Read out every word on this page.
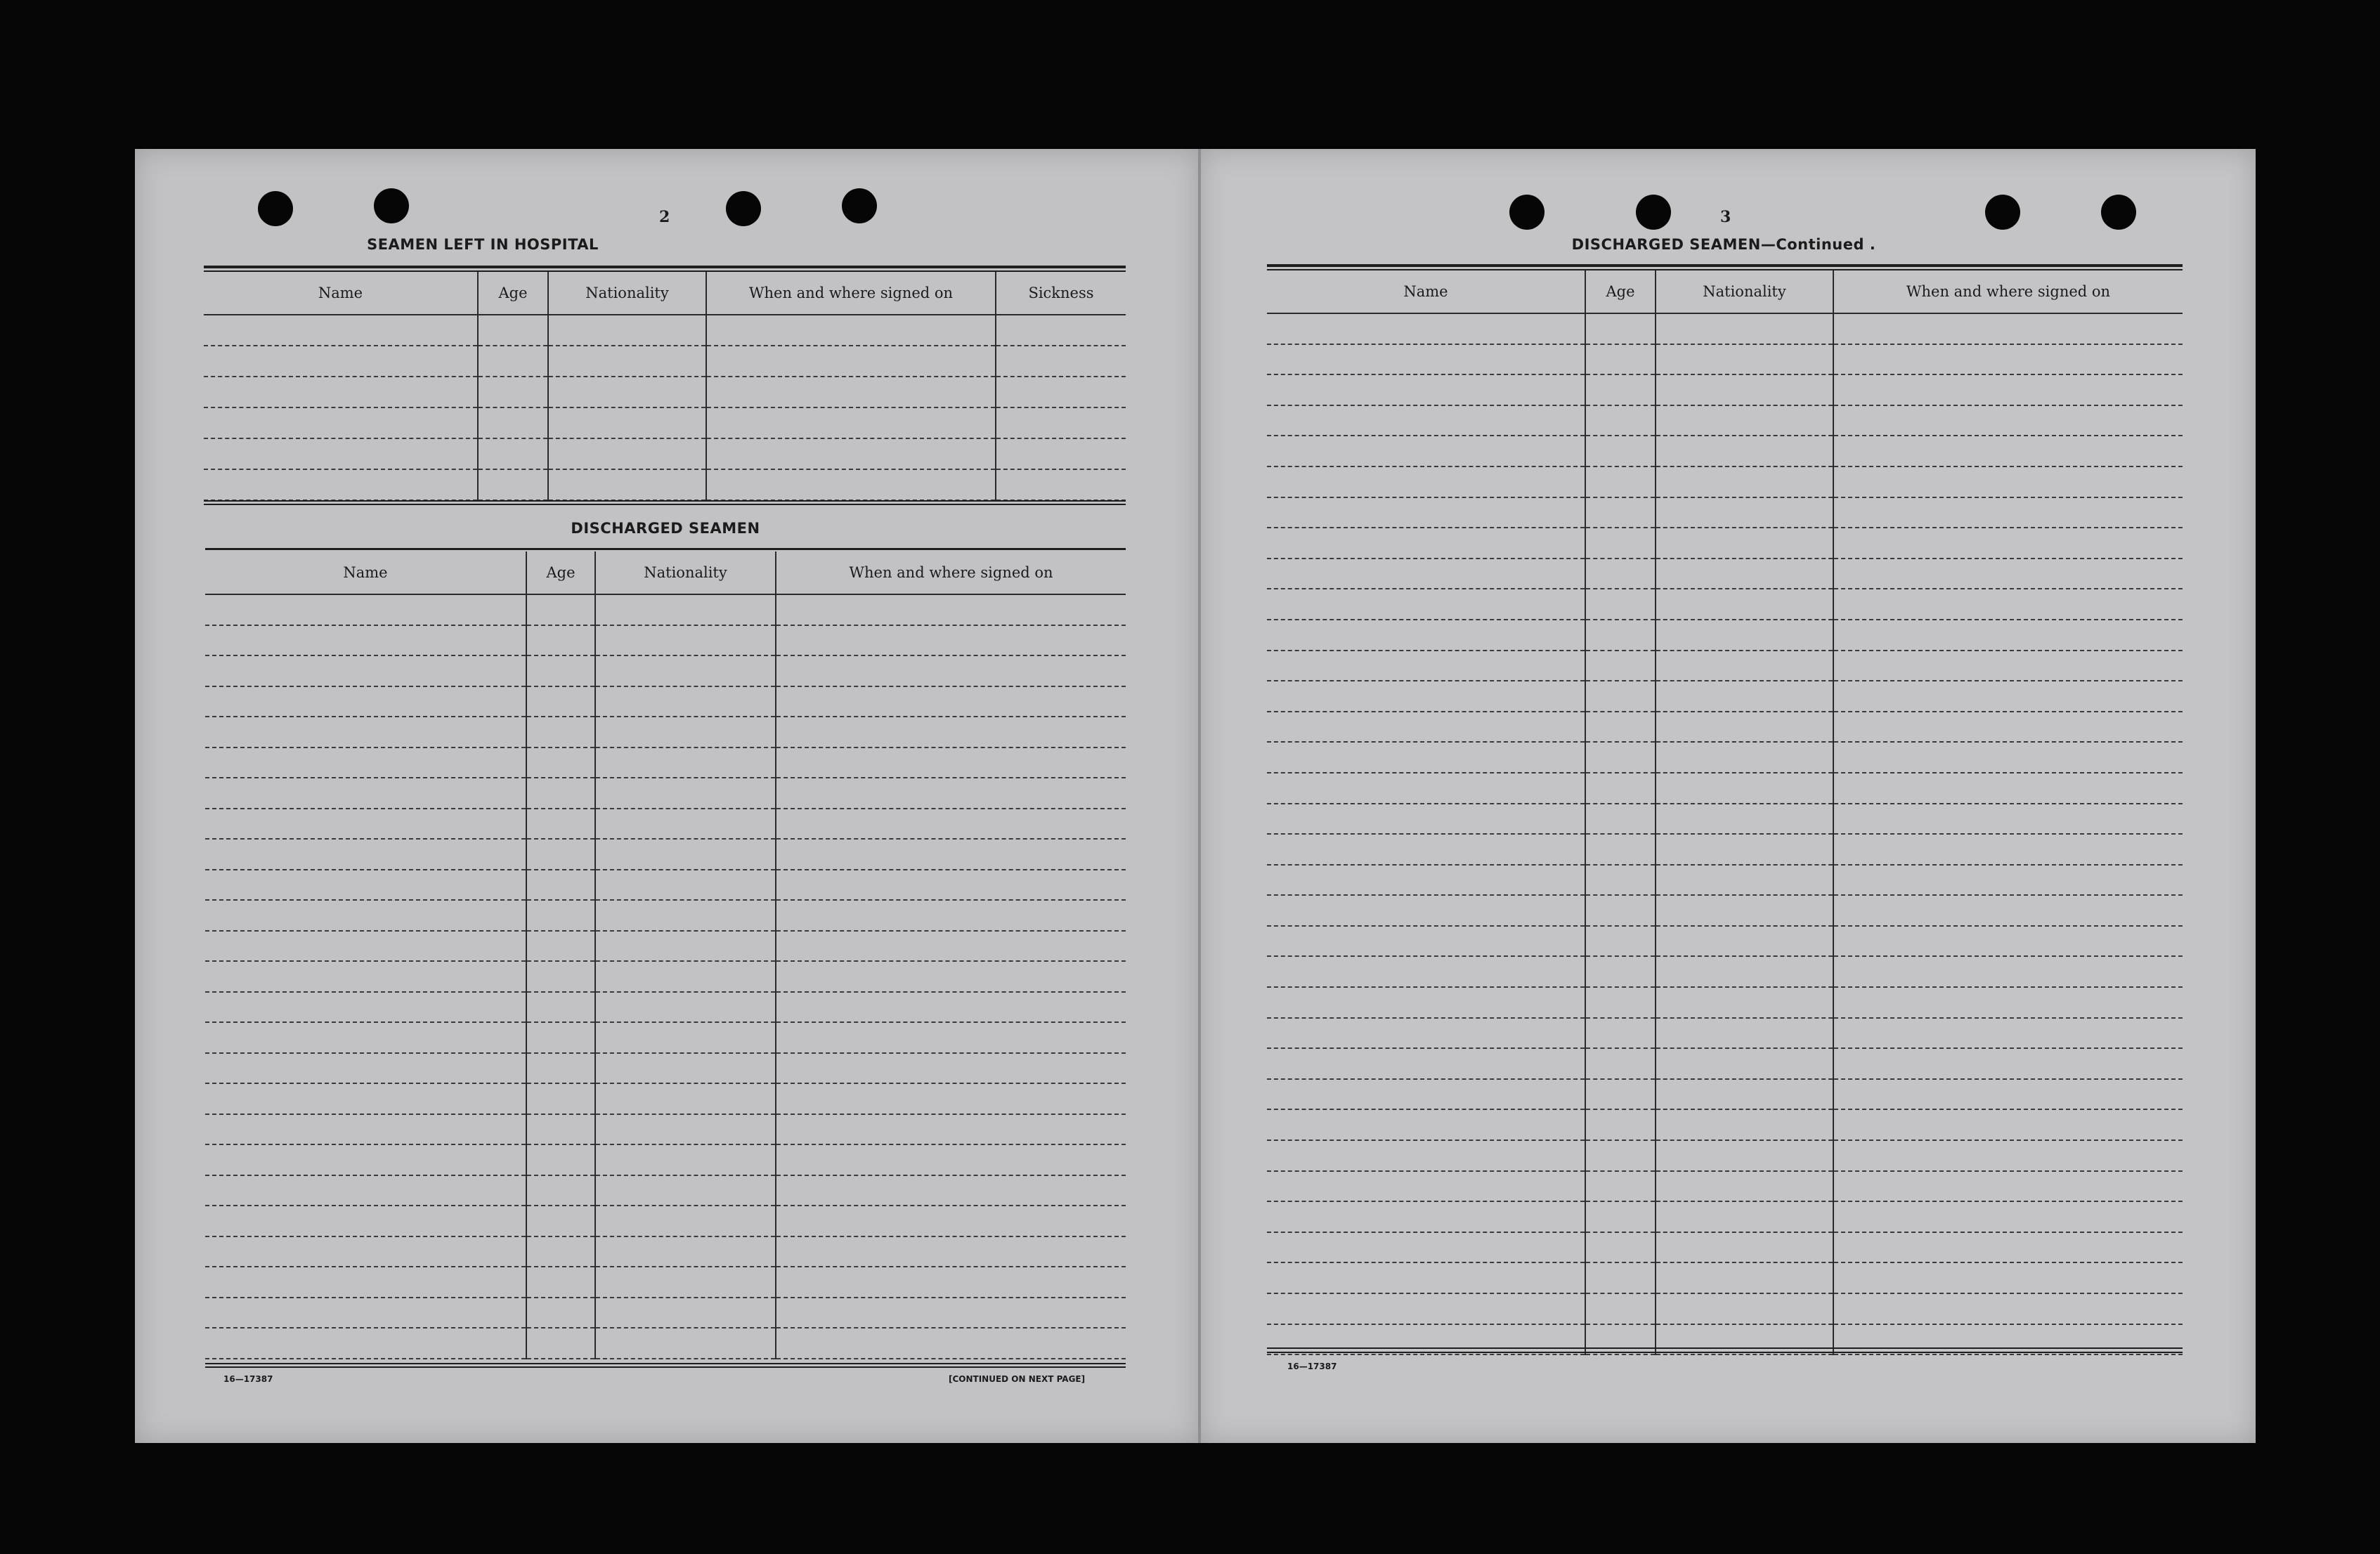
2
SEAMEN LEFT IN HOSPITAL
Name	Age	Nationality	When and where signed on	Sickness

DISCHARGED SEAMEN
Name	Age	Nationality	When and where signed on

16—17387	[CONTINUED ON NEXT PAGE]
3
DISCHARGED SEAMEN—Continued .
Name	Age	Nationality	When and where signed on

16—17387
